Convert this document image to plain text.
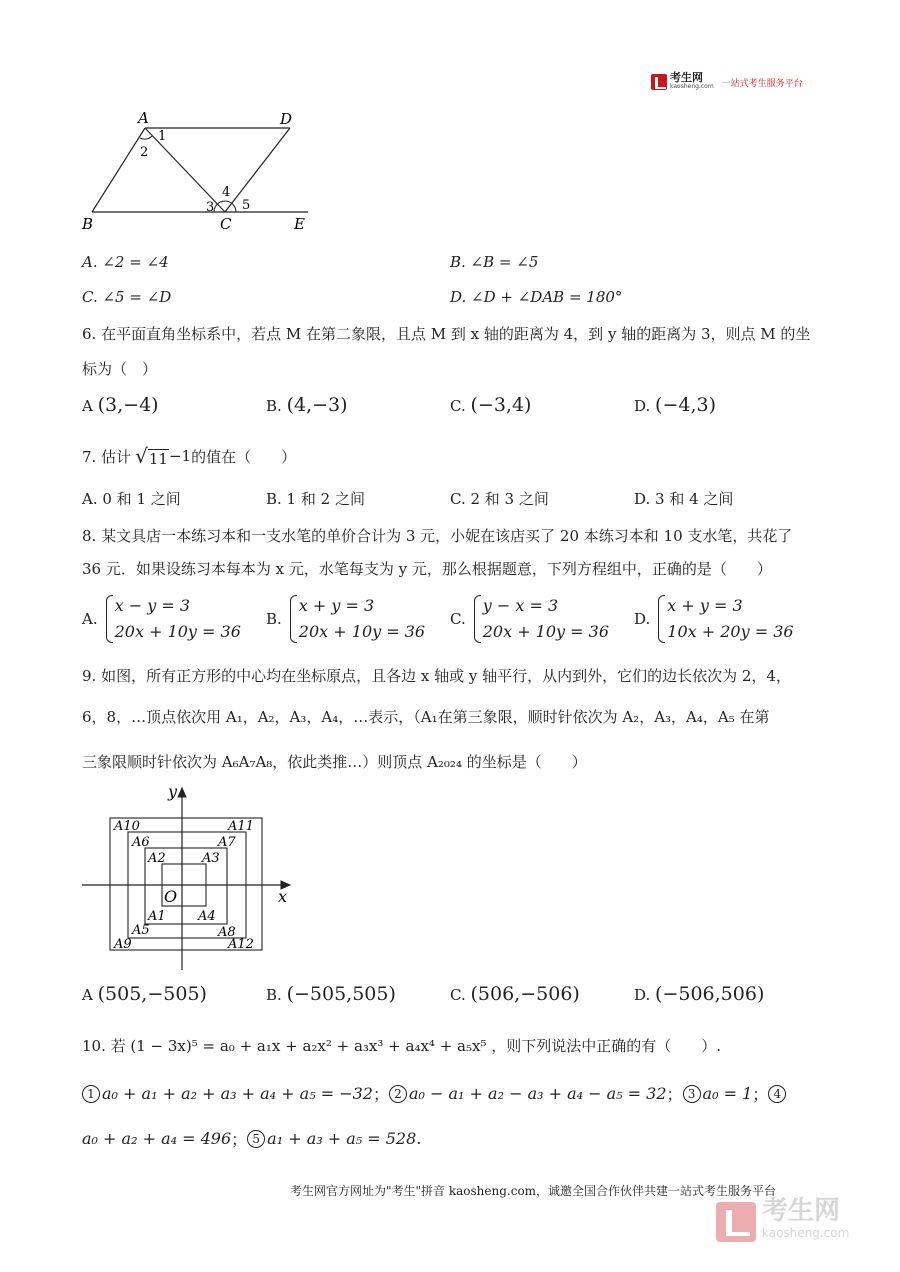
考生网
kaosheng.com 一站式考生服务平台
A	D
B	C	E
1
2
3
4
5
A. ∠2 = ∠4	B. ∠B = ∠5
C. ∠5 = ∠D	D. ∠D + ∠DAB = 180°
6. 在平面直角坐标系中，若点 M 在第二象限，且点 M 到 x 轴的距离为 4，到 y 轴的距离为 3，则点 M 的坐
标为（　）
A (3,−4)	B. (4,−3)	C. (−3,4)	D. (−4,3)
7. 估计 √ 11 −1 的值在（　　）
A. 0 和 1 之间	B. 1 和 2 之间	C. 2 和 3 之间	D. 3 和 4 之间
8. 某文具店一本练习本和一支水笔的单价合计为 3 元，小妮在该店买了 20 本练习本和 10 支水笔，共花了
36 元．如果设练习本每本为 x 元，水笔每支为 y 元，那么根据题意，下列方程组中，正确的是（　　）
A.
x − y = 3
20x + 10y = 36
B.
x + y = 3
20x + 10y = 36
C.
y − x = 3
20x + 10y = 36
D.
x + y = 3
10x + 20y = 36
9. 如图，所有正方形的中心均在坐标原点，且各边 x 轴或 y 轴平行，从内到外，它们的边长依次为 2，4，
6，8，…顶点依次用 A₁，A₂，A₃，A₄，…表示，（A₁在第三象限，顺时针依次为 A₂，A₃，A₄，A₅ 在第
三象限顺时针依次为 A₆A₇A₈，依此类推…）则顶点 A₂₀₂₄ 的坐标是（　　）
y
x
O
A1
A2	A3
A4
A5
A6	A7
A8
A9
A10	A11
A12
A (505,−505)	B. (−505,505)	C. (506,−506)	D. (−506,506)
10. 若 (1 − 3x)⁵ = a₀ + a₁x + a₂x² + a₃x³ + a₄x⁴ + a₅x⁵ ，则下列说法中正确的有（　　）.
1 a₀ + a₁ + a₂ + a₃ + a₄ + a₅ = −32 ； 2 a₀ − a₁ + a₂ − a₃ + a₄ − a₅ = 32 ； 3 a₀ = 1 ； 4
a₀ + a₂ + a₄ = 496 ； 5 a₁ + a₃ + a₅ = 528 .
考生网官方网址为"考生"拼音 kaosheng.com，诚邀全国合作伙伴共建一站式考生服务平台
考生网
kaosheng.com
